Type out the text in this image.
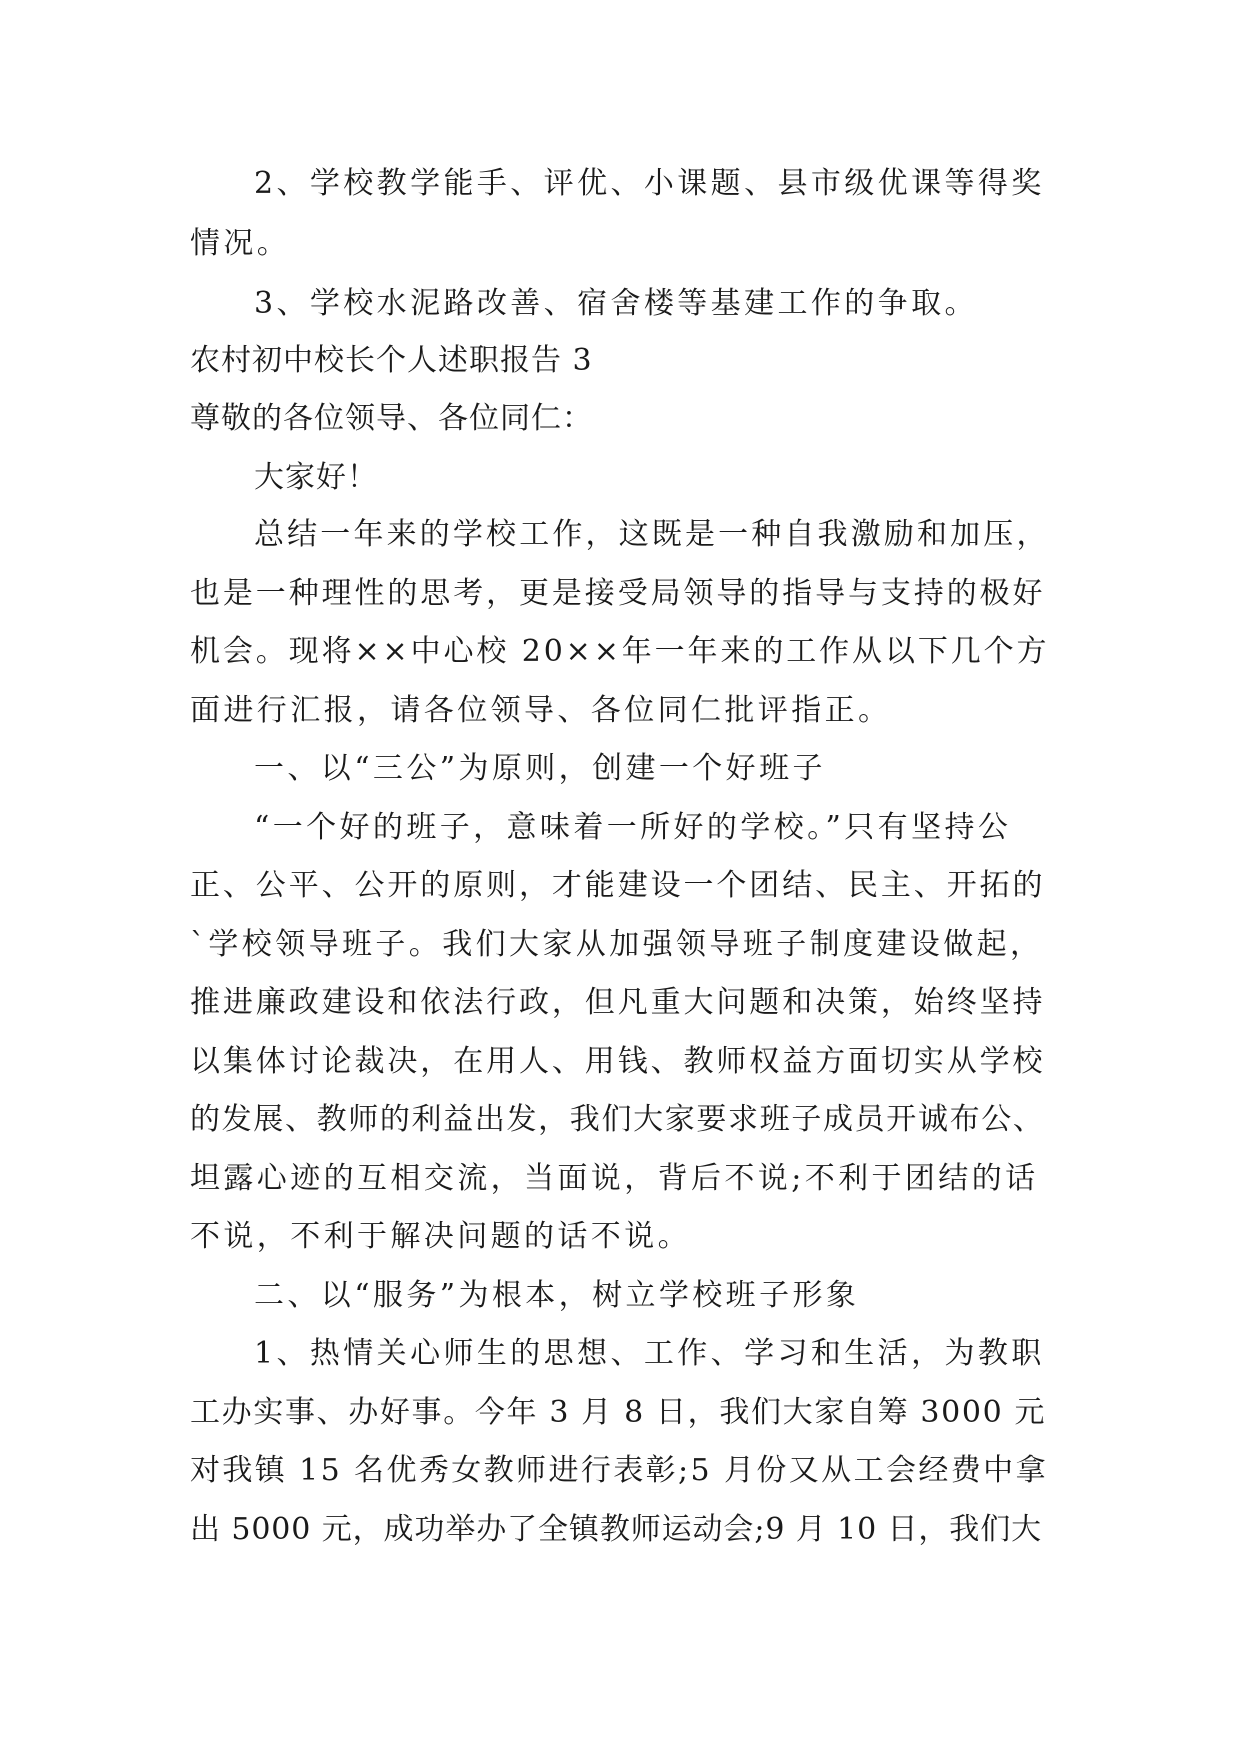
2、学校教学能手、评优、小课题、县市级优课等得奖
情况。
3、学校水泥路改善、宿舍楼等基建工作的争取。
农村初中校长个人述职报告 3
尊敬的各位领导、各位同仁：
大家好！
总结一年来的学校工作，这既是一种自我激励和加压，
也是一种理性的思考，更是接受局领导的指导与支持的极好
机会。现将××中心校 20××年一年来的工作从以下几个方
面进行汇报，请各位领导、各位同仁批评指正。
一、以“三公”为原则，创建一个好班子
“一个好的班子，意味着一所好的学校。”只有坚持公
正、公平、公开的原则，才能建设一个团结、民主、开拓的
`学校领导班子。我们大家从加强领导班子制度建设做起，
推进廉政建设和依法行政，但凡重大问题和决策，始终坚持
以集体讨论裁决，在用人、用钱、教师权益方面切实从学校
的发展、教师的利益出发，我们大家要求班子成员开诚布公、
坦露心迹的互相交流，当面说，背后不说;不利于团结的话
不说，不利于解决问题的话不说。
二、以“服务”为根本，树立学校班子形象
1、热情关心师生的思想、工作、学习和生活，为教职
工办实事、办好事。今年 3 月 8 日，我们大家自筹 3000 元
对我镇 15 名优秀女教师进行表彰;5 月份又从工会经费中拿
出 5000 元，成功举办了全镇教师运动会;9 月 10 日，我们大
